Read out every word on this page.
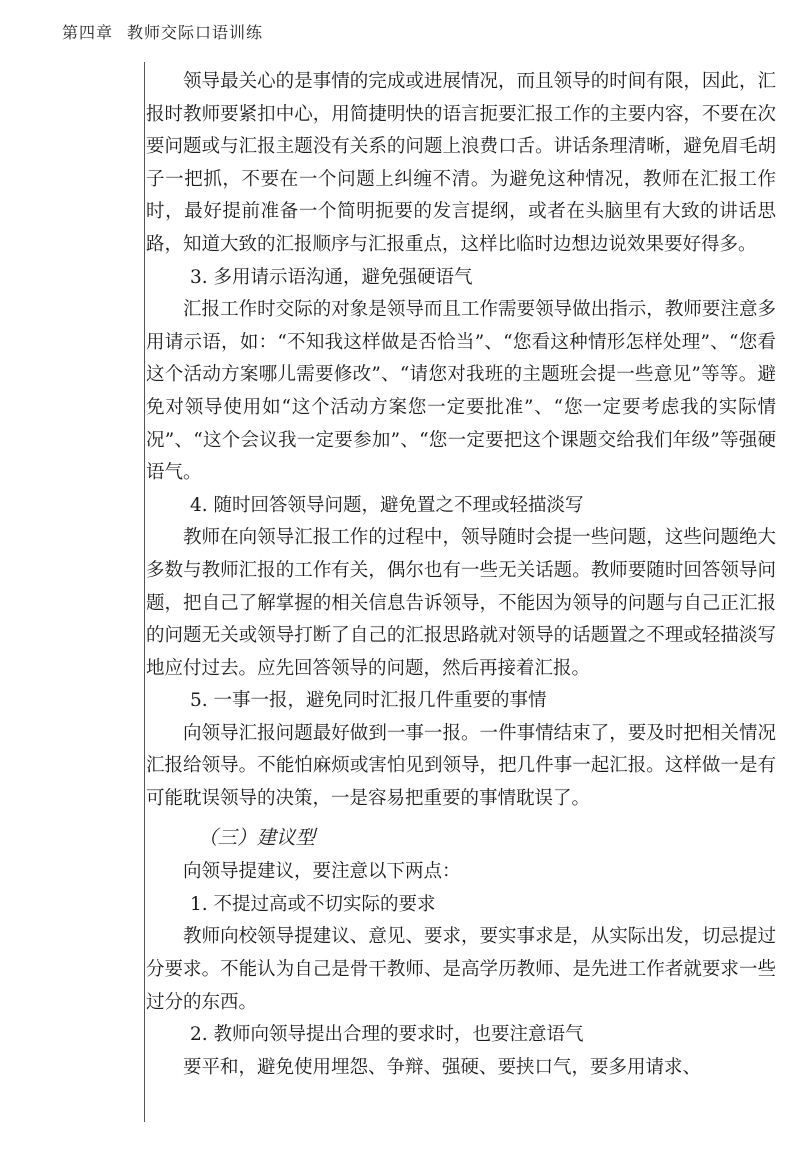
第四章 教师交际口语训练

领导最关心的是事情的完成或进展情况，而且领导的时间有限，因此，汇报时教师要紧扣中心，用简捷明快的语言扼要汇报工作的主要内容，不要在次要问题或与汇报主题没有关系的问题上浪费口舌。讲话条理清晰，避免眉毛胡子一把抓，不要在一个问题上纠缠不清。为避免这种情况，教师在汇报工作时，最好提前准备一个简明扼要的发言提纲，或者在头脑里有大致的讲话思路，知道大致的汇报顺序与汇报重点，这样比临时边想边说效果要好得多。

3. 多用请示语沟通，避免强硬语气

汇报工作时交际的对象是领导而且工作需要领导做出指示，教师要注意多用请示语，如：“不知我这样做是否恰当”、“您看这种情形怎样处理”、“您看这个活动方案哪儿需要修改”、“请您对我班的主题班会提一些意见”等等。避免对领导使用如“这个活动方案您一定要批准”、“您一定要考虑我的实际情况”、“这个会议我一定要参加”、“您一定要把这个课题交给我们年级”等强硬语气。

4. 随时回答领导问题，避免置之不理或轻描淡写

教师在向领导汇报工作的过程中，领导随时会提一些问题，这些问题绝大多数与教师汇报的工作有关，偶尔也有一些无关话题。教师要随时回答领导问题，把自己了解掌握的相关信息告诉领导，不能因为领导的问题与自己正汇报的问题无关或领导打断了自己的汇报思路就对领导的话题置之不理或轻描淡写地应付过去。应先回答领导的问题，然后再接着汇报。

5. 一事一报，避免同时汇报几件重要的事情

向领导汇报问题最好做到一事一报。一件事情结束了，要及时把相关情况汇报给领导。不能怕麻烦或害怕见到领导，把几件事一起汇报。这样做一是有可能耽误领导的决策，一是容易把重要的事情耽误了。

（三）建议型

向领导提建议，要注意以下两点：

1. 不提过高或不切实际的要求

教师向校领导提建议、意见、要求，要实事求是，从实际出发，切忌提过分要求。不能认为自己是骨干教师、是高学历教师、是先进工作者就要求一些过分的东西。

2. 教师向领导提出合理的要求时，也要注意语气

要平和，避免使用埋怨、争辩、强硬、要挟口气，要多用请求、
